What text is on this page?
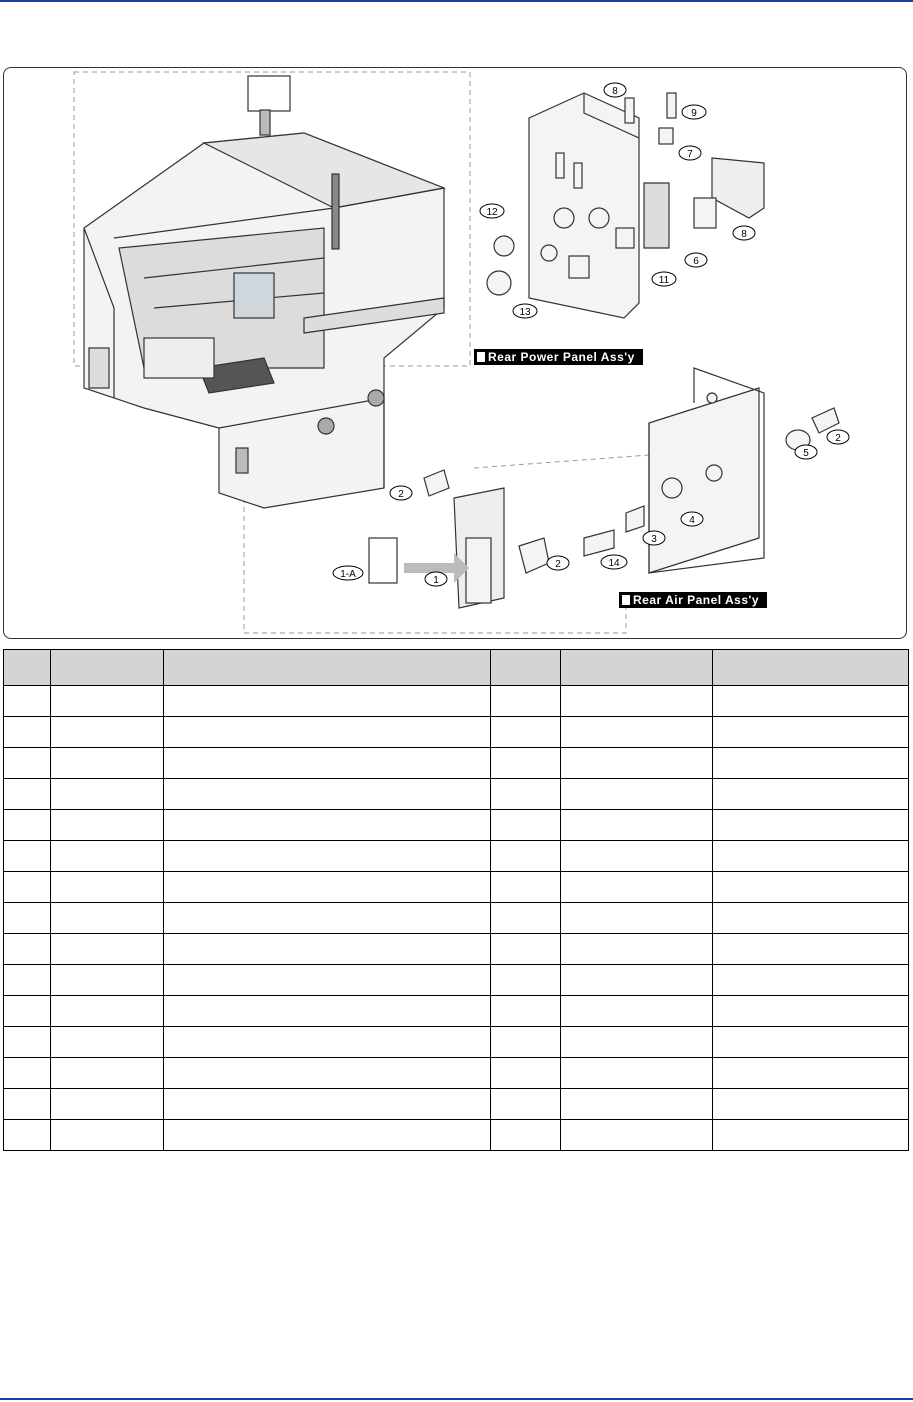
8
9
7
12
8
6
11
13
2
5
2
4
3
14
2
1-A
1
Rear Power Panel Ass'y
Rear Air Panel Ass'y
